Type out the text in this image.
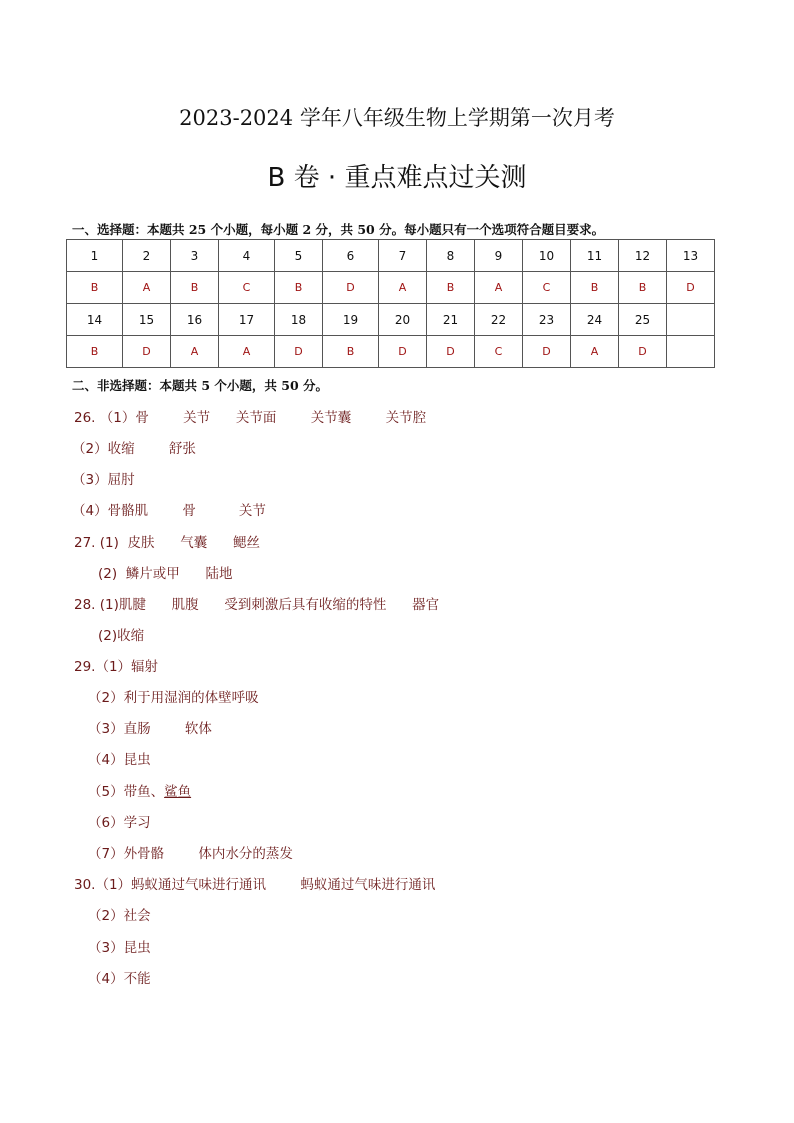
2023-2024 学年八年级生物上学期第一次月考
B 卷 · 重点难点过关测
一、选择题：本题共 25 个小题，每小题 2 分，共 50 分。每小题只有一个选项符合题目要求。
1	2	3	4	5	6	7	8	9	10	11	12	13
B	A	B	C	B	D	A	B	A	C	B	B	D
14	15	16	17	18	19	20	21	22	23	24	25	
B	D	A	A	D	B	D	D	C	D	A	D	
二、非选择题：本题共 5 个小题，共 50 分。
26. （1）骨        关节      关节面        关节囊        关节腔
（2）收缩        舒张
（3）屈肘
（4）骨骼肌        骨          关节
27. (1)  皮肤      气囊      鳃丝
(2)  鳞片或甲      陆地
28. (1)肌腱      肌腹      受到刺激后具有收缩的特性      器官
(2)收缩
29.（1）辐射
（2）利于用湿润的体壁呼吸
（3）直肠        软体
（4）昆虫
（5）带鱼、鲨鱼
（6）学习
（7）外骨骼        体内水分的蒸发
30.（1）蚂蚁通过气味进行通讯        蚂蚁通过气味进行通讯
（2）社会
（3）昆虫
（4）不能
